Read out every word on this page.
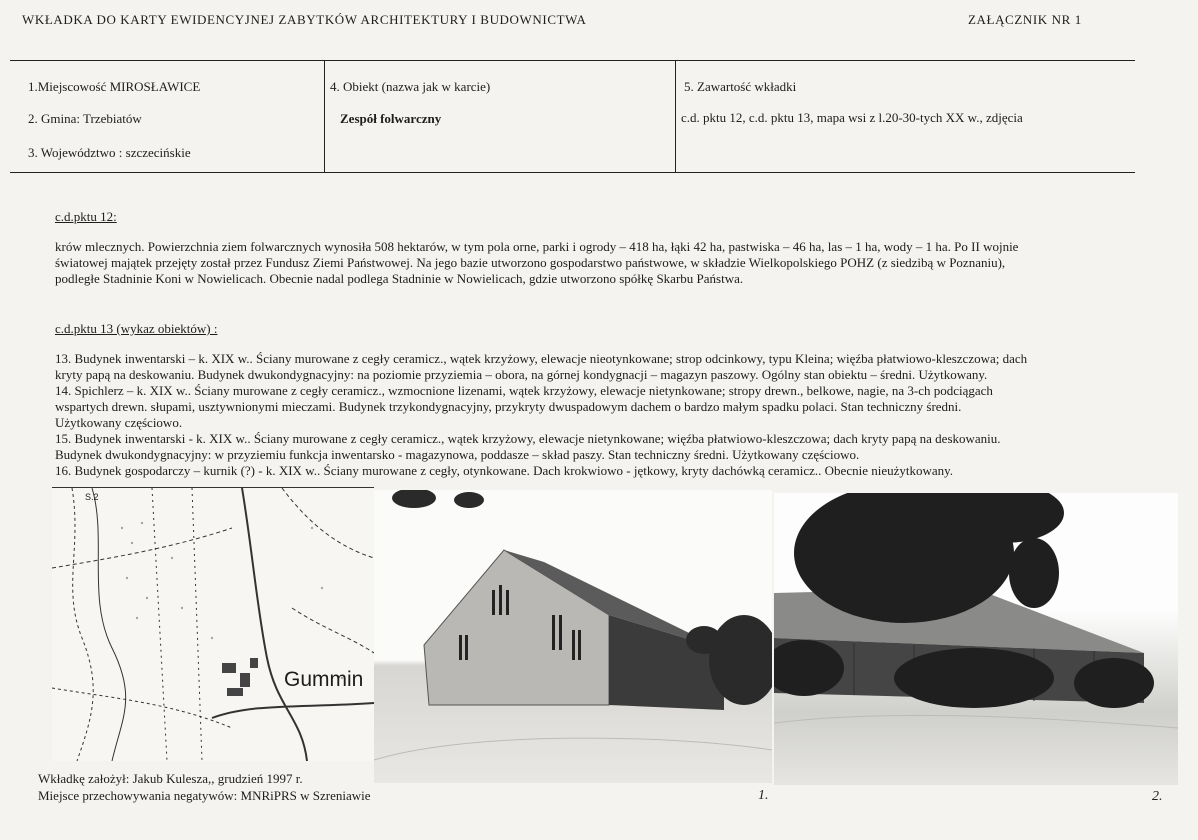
WKŁADKA DO KARTY EWIDENCYJNEJ ZABYTKÓW ARCHITEKTURY I BUDOWNICTWA	ZAŁĄCZNIK NR 1
1.Miejscowość MIROSŁAWICE
2. Gmina: Trzebiatów
3. Województwo : szczecińskie
4. Obiekt (nazwa jak w karcie)
Zespół folwarczny
5. Zawartość wkładki
c.d. pktu 12, c.d. pktu 13, mapa wsi z l.20-30-tych XX w., zdjęcia
c.d.pktu 12:
krów mlecznych. Powierzchnia ziem folwarcznych wynosiła 508 hektarów, w tym pola orne, parki i ogrody – 418 ha, łąki 42 ha, pastwiska – 46 ha, las – 1 ha, wody – 1 ha. Po II wojnie
światowej majątek przejęty został przez Fundusz Ziemi Państwowej. Na jego bazie utworzono gospodarstwo państwowe, w składzie Wielkopolskiego POHZ (z siedzibą w Poznaniu),
podległe Stadninie Koni w Nowielicach. Obecnie nadal podlega Stadninie w Nowielicach, gdzie utworzono spółkę Skarbu Państwa.
c.d.pktu 13 (wykaz obiektów) :
13. Budynek inwentarski – k. XIX w.. Ściany murowane z cegły ceramicz., wątek krzyżowy, elewacje nieotynkowane; strop odcinkowy, typu Kleina; więźba płatwiowo-kleszczowa; dach
kryty papą na deskowaniu. Budynek dwukondygnacyjny: na poziomie przyziemia – obora, na górnej kondygnacji – magazyn paszowy. Ogólny stan obiektu – średni. Użytkowany.
14. Spichlerz – k. XIX w.. Ściany murowane z cegły ceramicz., wzmocnione lizenami, wątek krzyżowy, elewacje nietynkowane; stropy drewn., belkowe, nagie, na 3-ch podciągach
wspartych drewn. słupami, usztywnionymi mieczami. Budynek trzykondygnacyjny, przykryty dwuspadowym dachem o bardzo małym spadku polaci. Stan techniczny średni.
Użytkowany częściowo.
15. Budynek inwentarski - k. XIX w.. Ściany murowane z cegły ceramicz., wątek krzyżowy, elewacje nietynkowane; więźba płatwiowo-kleszczowa; dach kryty papą na deskowaniu.
Budynek dwukondygnacyjny: w przyziemiu funkcja inwentarsko - magazynowa, poddasze – skład paszy. Stan techniczny średni. Użytkowany częściowo.
16. Budynek gospodarczy – kurnik (?) - k. XIX w.. Ściany murowane z cegły, otynkowane. Dach krokwiowo - jętkowy, kryty dachówką ceramicz.. Obecnie nieużytkowany.
Gummin
S.2
1.	2.
Wkładkę założył: Jakub Kulesza,, grudzień 1997 r.
Miejsce przechowywania negatywów: MNRiPRS w Szreniawie
